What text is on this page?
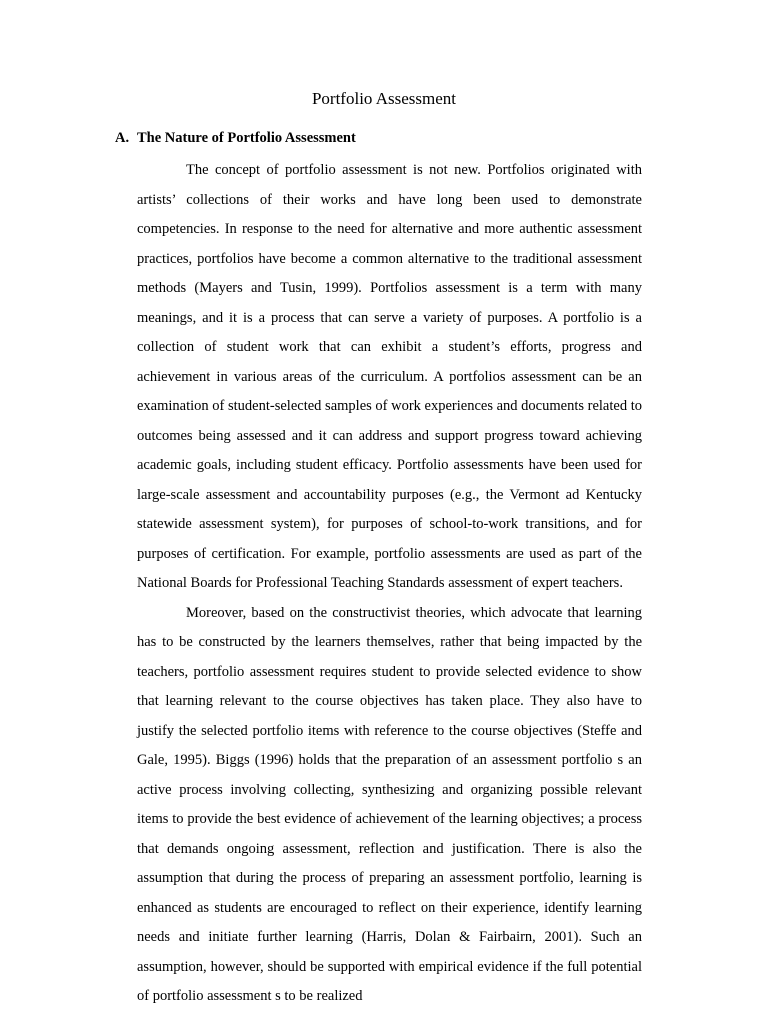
Portfolio Assessment
A. The Nature of Portfolio Assessment

The concept of portfolio assessment is not new. Portfolios originated with artists’ collections of their works and have long been used to demonstrate competencies. In response to the need for alternative and more authentic assessment practices, portfolios have become a common alternative to the traditional assessment methods (Mayers and Tusin, 1999). Portfolios assessment is a term with many meanings, and it is a process that can serve a variety of purposes. A portfolio is a collection of student work that can exhibit a student’s efforts, progress and achievement in various areas of the curriculum. A portfolios assessment can be an examination of student-selected samples of work experiences and documents related to outcomes being assessed and it can address and support progress toward achieving academic goals, including student efficacy. Portfolio assessments have been used for large-scale assessment and accountability purposes (e.g., the Vermont ad Kentucky statewide assessment system), for purposes of school-to-work transitions, and for purposes of certification. For example, portfolio assessments are used as part of the National Boards for Professional Teaching Standards assessment of expert teachers.

Moreover, based on the constructivist theories, which advocate that learning has to be constructed by the learners themselves, rather that being impacted by the teachers, portfolio assessment requires student to provide selected evidence to show that learning relevant to the course objectives has taken place. They also have to justify the selected portfolio items with reference to the course objectives (Steffe and Gale, 1995). Biggs (1996) holds that the preparation of an assessment portfolio s an active process involving collecting, synthesizing and organizing possible relevant items to provide the best evidence of achievement of the learning objectives; a process that demands ongoing assessment, reflection and justification. There is also the assumption that during the process of preparing an assessment portfolio, learning is enhanced as students are encouraged to reflect on their experience, identify learning needs and initiate further learning (Harris, Dolan & Fairbairn, 2001). Such an assumption, however, should be supported with empirical evidence if the full potential of portfolio assessment s to be realized
